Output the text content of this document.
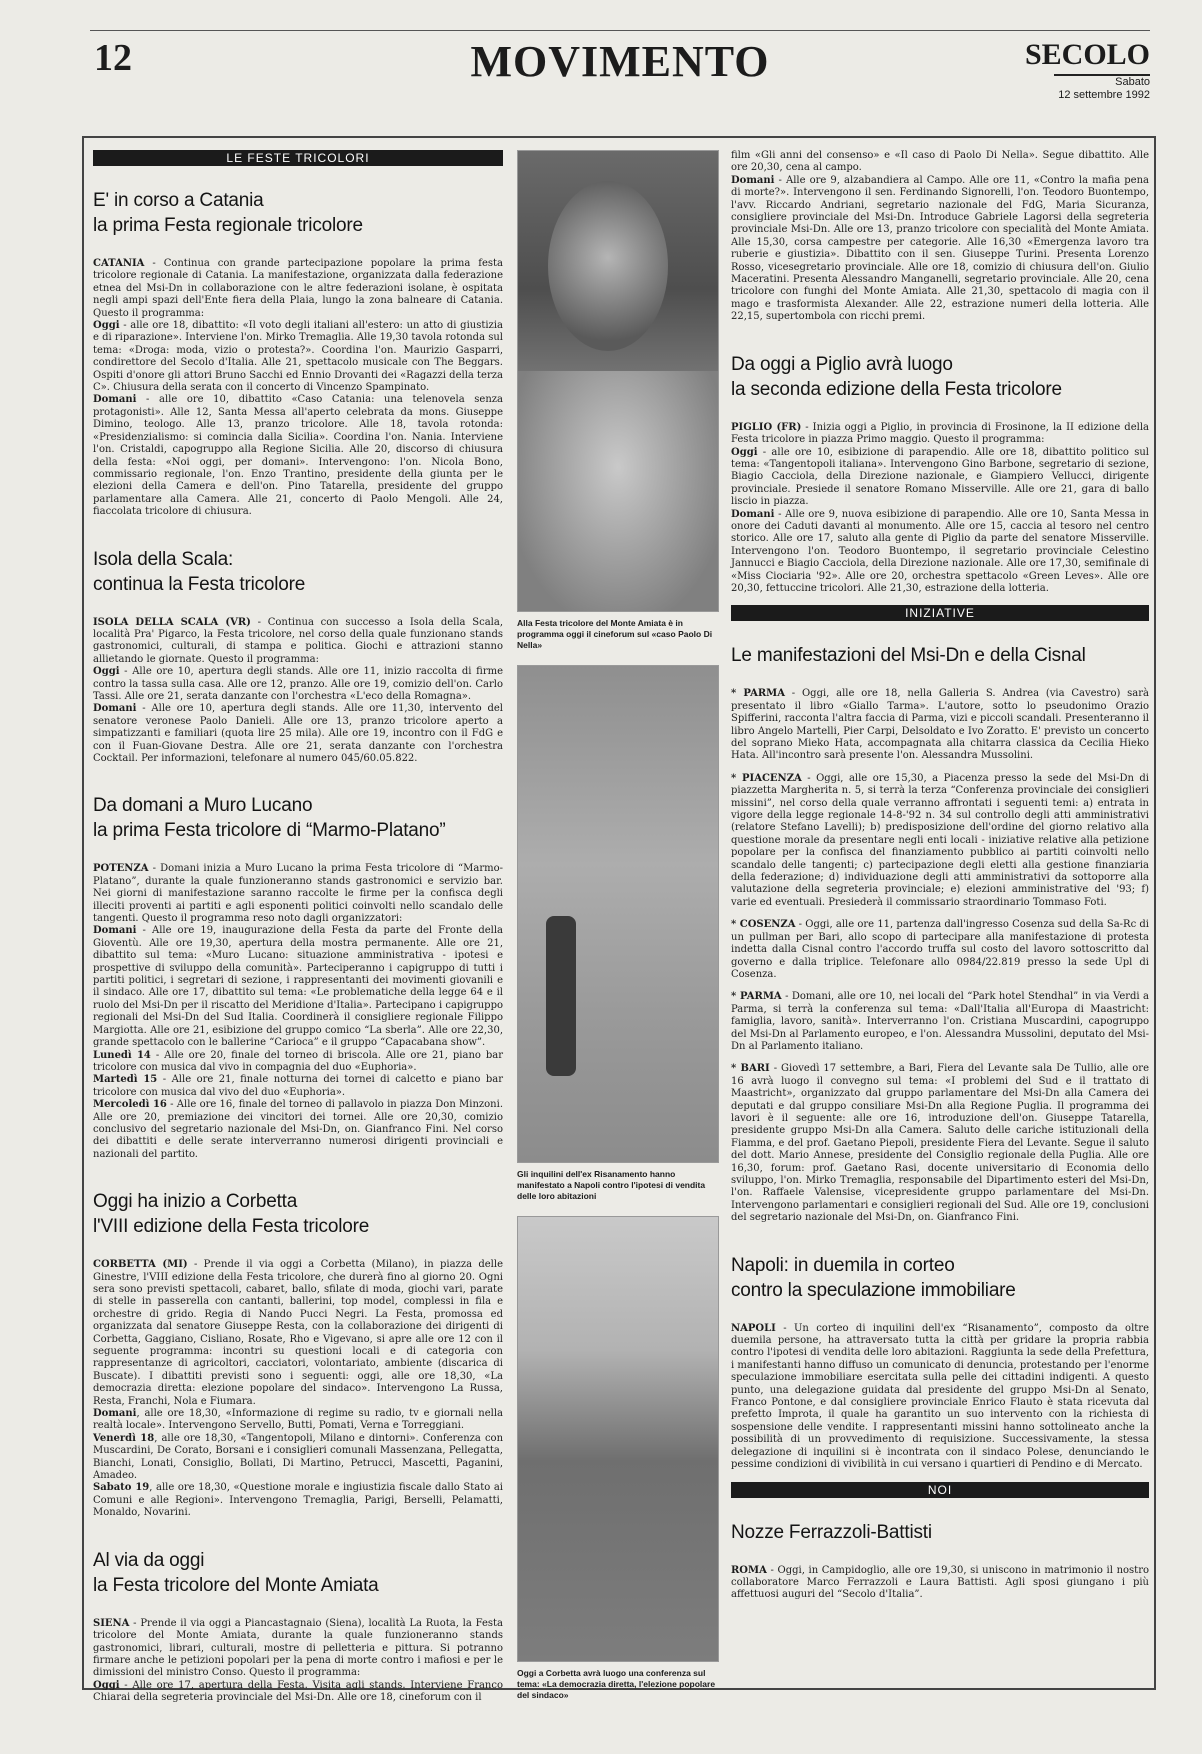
12	MOVIMENTO	SECOLO
Sabato
12 settembre 1992
LE FESTE TRICOLORI
E' in corso a Catania
la prima Festa regionale tricolore

CATANIA - Continua con grande partecipazione popolare la prima festa tricolore regionale di Catania. La manifestazione, organizzata dalla federazione etnea del Msi-Dn in collaborazione con le altre federazioni isolane, è ospitata negli ampi spazi dell'Ente fiera della Plaia, lungo la zona balneare di Catania. Questo il programma:

Oggi - alle ore 18, dibattito: «Il voto degli italiani all'estero: un atto di giustizia e di riparazione». Interviene l'on. Mirko Tremaglia. Alle 19,30 tavola rotonda sul tema: «Droga: moda, vizio o protesta?». Coordina l'on. Maurizio Gasparri, condirettore del Secolo d'Italia. Alle 21, spettacolo musicale con The Beggars. Ospiti d'onore gli attori Bruno Sacchi ed Ennio Drovanti dei «Ragazzi della terza C». Chiusura della serata con il concerto di Vincenzo Spampinato.

Domani - alle ore 10, dibattito «Caso Catania: una telenovela senza protagonisti». Alle 12, Santa Messa all'aperto celebrata da mons. Giuseppe Dimino, teologo. Alle 13, pranzo tricolore. Alle 18, tavola rotonda: «Presidenzialismo: si comincia dalla Sicilia». Coordina l'on. Nania. Interviene l'on. Cristaldi, capogruppo alla Regione Sicilia. Alle 20, discorso di chiusura della festa: «Noi oggi, per domani». Intervengono: l'on. Nicola Bono, commissario regionale, l'on. Enzo Trantino, presidente della giunta per le elezioni della Camera e dell'on. Pino Tatarella, presidente del gruppo parlamentare alla Camera. Alle 21, concerto di Paolo Mengoli. Alle 24, fiaccolata tricolore di chiusura.

Isola della Scala:
continua la Festa tricolore

ISOLA DELLA SCALA (VR) - Continua con successo a Isola della Scala, località Pra' Pigarco, la Festa tricolore, nel corso della quale funzionano stands gastronomici, culturali, di stampa e politica. Giochi e attrazioni stanno allietando le giornate. Questo il programma:

Oggi - Alle ore 10, apertura degli stands. Alle ore 11, inizio raccolta di firme contro la tassa sulla casa. Alle ore 12, pranzo. Alle ore 19, comizio dell'on. Carlo Tassi. Alle ore 21, serata danzante con l'orchestra «L'eco della Romagna».

Domani - Alle ore 10, apertura degli stands. Alle ore 11,30, intervento del senatore veronese Paolo Danieli. Alle ore 13, pranzo tricolore aperto a simpatizzanti e familiari (quota lire 25 mila). Alle ore 19, incontro con il FdG e con il Fuan-Giovane Destra. Alle ore 21, serata danzante con l'orchestra Cocktail. Per informazioni, telefonare al numero 045/60.05.822.

Da domani a Muro Lucano
la prima Festa tricolore di “Marmo-Platano”

POTENZA - Domani inizia a Muro Lucano la prima Festa tricolore di “Marmo-Platano”, durante la quale funzioneranno stands gastronomici e servizio bar. Nei giorni di manifestazione saranno raccolte le firme per la confisca degli illeciti proventi ai partiti e agli esponenti politici coinvolti nello scandalo delle tangenti. Questo il programma reso noto dagli organizzatori:

Domani - Alle ore 19, inaugurazione della Festa da parte del Fronte della Gioventù. Alle ore 19,30, apertura della mostra permanente. Alle ore 21, dibattito sul tema: «Muro Lucano: situazione amministrativa - ipotesi e prospettive di sviluppo della comunità». Parteciperanno i capigruppo di tutti i partiti politici, i segretari di sezione, i rappresentanti dei movimenti giovanili e il sindaco. Alle ore 17, dibattito sul tema: «Le problematiche della legge 64 e il ruolo del Msi-Dn per il riscatto del Meridione d'Italia». Partecipano i capigruppo regionali del Msi-Dn del Sud Italia. Coordinerà il consigliere regionale Filippo Margiotta. Alle ore 21, esibizione del gruppo comico “La sberla”. Alle ore 22,30, grande spettacolo con le ballerine “Carioca” e il gruppo “Capacabana show”.

Lunedì 14 - Alle ore 20, finale del torneo di briscola. Alle ore 21, piano bar tricolore con musica dal vivo in compagnia del duo «Euphoria».

Martedì 15 - Alle ore 21, finale notturna dei tornei di calcetto e piano bar tricolore con musica dal vivo del duo «Euphoria».

Mercoledì 16 - Alle ore 16, finale del torneo di pallavolo in piazza Don Minzoni. Alle ore 20, premiazione dei vincitori dei tornei. Alle ore 20,30, comizio conclusivo del segretario nazionale del Msi-Dn, on. Gianfranco Fini. Nel corso dei dibattiti e delle serate interverranno numerosi dirigenti provinciali e nazionali del partito.

Oggi ha inizio a Corbetta
l'VIII edizione della Festa tricolore

CORBETTA (MI) - Prende il via oggi a Corbetta (Milano), in piazza delle Ginestre, l'VIII edizione della Festa tricolore, che durerà fino al giorno 20. Ogni sera sono previsti spettacoli, cabaret, ballo, sfilate di moda, giochi vari, parate di stelle in passerella con cantanti, ballerini, top model, complessi in fila e orchestre di grido. Regia di Nando Pucci Negri. La Festa, promossa ed organizzata dal senatore Giuseppe Resta, con la collaborazione dei dirigenti di Corbetta, Gaggiano, Cisliano, Rosate, Rho e Vigevano, si apre alle ore 12 con il seguente programma: incontri su questioni locali e di categoria con rappresentanze di agricoltori, cacciatori, volontariato, ambiente (discarica di Buscate). I dibattiti previsti sono i seguenti: oggi, alle ore 18,30, «La democrazia diretta: elezione popolare del sindaco». Intervengono La Russa, Resta, Franchi, Nola e Fiumara.

Domani, alle ore 18,30, «Informazione di regime su radio, tv e giornali nella realtà locale». Intervengono Servello, Butti, Pomati, Verna e Torreggiani.

Venerdì 18, alle ore 18,30, «Tangentopoli, Milano e dintorni». Conferenza con Muscardini, De Corato, Borsani e i consiglieri comunali Massenzana, Pellegatta, Bianchi, Lonati, Consiglio, Bollati, Di Martino, Petrucci, Mascetti, Paganini, Amadeo.

Sabato 19, alle ore 18,30, «Questione morale e ingiustizia fiscale dallo Stato ai Comuni e alle Regioni». Intervengono Tremaglia, Parigi, Berselli, Pelamatti, Monaldo, Novarini.

Al via da oggi
la Festa tricolore del Monte Amiata

SIENA - Prende il via oggi a Piancastagnaio (Siena), località La Ruota, la Festa tricolore del Monte Amiata, durante la quale funzioneranno stands gastronomici, librari, culturali, mostre di pelletteria e pittura. Si potranno firmare anche le petizioni popolari per la pena di morte contro i mafiosi e per le dimissioni del ministro Conso. Questo il programma:

Oggi - Alle ore 17, apertura della Festa. Visita agli stands. Interviene Franco Chiarai della segreteria provinciale del Msi-Dn. Alle ore 18, cineforum con il

Alla Festa tricolore del Monte Amiata è in programma oggi il cineforum sul «caso Paolo Di Nella»
Gli inquilini dell'ex Risanamento hanno manifestato a Napoli contro l'ipotesi di vendita delle loro abitazioni
Oggi a Corbetta avrà luogo una conferenza sul tema: «La democrazia diretta, l'elezione popolare del sindaco»

film «Gli anni del consenso» e «Il caso di Paolo Di Nella». Segue dibattito. Alle ore 20,30, cena al campo.

Domani - Alle ore 9, alzabandiera al Campo. Alle ore 11, «Contro la mafia pena di morte?». Intervengono il sen. Ferdinando Signorelli, l'on. Teodoro Buontempo, l'avv. Riccardo Andriani, segretario nazionale del FdG, Maria Sicuranza, consigliere provinciale del Msi-Dn. Introduce Gabriele Lagorsi della segreteria provinciale Msi-Dn. Alle ore 13, pranzo tricolore con specialità del Monte Amiata. Alle 15,30, corsa campestre per categorie. Alle 16,30 «Emergenza lavoro tra ruberie e giustizia». Dibattito con il sen. Giuseppe Turini. Presenta Lorenzo Rosso, vicesegretario provinciale. Alle ore 18, comizio di chiusura dell'on. Giulio Maceratini. Presenta Alessandro Manganelli, segretario provinciale. Alle 20, cena tricolore con funghi del Monte Amiata. Alle 21,30, spettacolo di magia con il mago e trasformista Alexander. Alle 22, estrazione numeri della lotteria. Alle 22,15, supertombola con ricchi premi.

Da oggi a Piglio avrà luogo
la seconda edizione della Festa tricolore

PIGLIO (FR) - Inizia oggi a Piglio, in provincia di Frosinone, la II edizione della Festa tricolore in piazza Primo maggio. Questo il programma:

Oggi - alle ore 10, esibizione di parapendio. Alle ore 18, dibattito politico sul tema: «Tangentopoli italiana». Intervengono Gino Barbone, segretario di sezione, Biagio Cacciola, della Direzione nazionale, e Giampiero Vellucci, dirigente provinciale. Presiede il senatore Romano Misserville. Alle ore 21, gara di ballo liscio in piazza.

Domani - Alle ore 9, nuova esibizione di parapendio. Alle ore 10, Santa Messa in onore dei Caduti davanti al monumento. Alle ore 15, caccia al tesoro nel centro storico. Alle ore 17, saluto alla gente di Piglio da parte del senatore Misserville. Intervengono l'on. Teodoro Buontempo, il segretario provinciale Celestino Jannucci e Biagio Cacciola, della Direzione nazionale. Alle ore 17,30, semifinale di «Miss Ciociaria '92». Alle ore 20, orchestra spettacolo «Green Leves». Alle ore 20,30, fettuccine tricolori. Alle 21,30, estrazione della lotteria.

INIZIATIVE
Le manifestazioni del Msi-Dn e della Cisnal

* PARMA - Oggi, alle ore 18, nella Galleria S. Andrea (via Cavestro) sarà presentato il libro «Giallo Tarma». L'autore, sotto lo pseudonimo Orazio Spifferini, racconta l'altra faccia di Parma, vizi e piccoli scandali. Presenteranno il libro Angelo Martelli, Pier Carpi, Delsoldato e Ivo Zoratto. E' previsto un concerto del soprano Mieko Hata, accompagnata alla chitarra classica da Cecilia Hieko Hata. All'incontro sarà presente l'on. Alessandra Mussolini.

* PIACENZA - Oggi, alle ore 15,30, a Piacenza presso la sede del Msi-Dn di piazzetta Margherita n. 5, si terrà la terza “Conferenza provinciale dei consiglieri missini”, nel corso della quale verranno affrontati i seguenti temi: a) entrata in vigore della legge regionale 14-8-'92 n. 34 sul controllo degli atti amministrativi (relatore Stefano Lavelli); b) predisposizione dell'ordine del giorno relativo alla questione morale da presentare negli enti locali - iniziative relative alla petizione popolare per la confisca del finanziamento pubblico ai partiti coinvolti nello scandalo delle tangenti; c) partecipazione degli eletti alla gestione finanziaria della federazione; d) individuazione degli atti amministrativi da sottoporre alla valutazione della segreteria provinciale; e) elezioni amministrative del '93; f) varie ed eventuali. Presiederà il commissario straordinario Tommaso Foti.

* COSENZA - Oggi, alle ore 11, partenza dall'ingresso Cosenza sud della Sa-Rc di un pullman per Bari, allo scopo di partecipare alla manifestazione di protesta indetta dalla Cisnal contro l'accordo truffa sul costo del lavoro sottoscritto dal governo e dalla triplice. Telefonare allo 0984/22.819 presso la sede Upl di Cosenza.

* PARMA - Domani, alle ore 10, nei locali del “Park hotel Stendhal” in via Verdi a Parma, si terrà la conferenza sul tema: «Dall'Italia all'Europa di Maastricht: famiglia, lavoro, sanità». Interverranno l'on. Cristiana Muscardini, capogruppo del Msi-Dn al Parlamento europeo, e l'on. Alessandra Mussolini, deputato del Msi-Dn al Parlamento italiano.

* BARI - Giovedì 17 settembre, a Bari, Fiera del Levante sala De Tullio, alle ore 16 avrà luogo il convegno sul tema: «I problemi del Sud e il trattato di Maastricht», organizzato dal gruppo parlamentare del Msi-Dn alla Camera dei deputati e dal gruppo consiliare Msi-Dn alla Regione Puglia. Il programma dei lavori è il seguente: alle ore 16, introduzione dell'on. Giuseppe Tatarella, presidente gruppo Msi-Dn alla Camera. Saluto delle cariche istituzionali della Fiamma, e del prof. Gaetano Piepoli, presidente Fiera del Levante. Segue il saluto del dott. Mario Annese, presidente del Consiglio regionale della Puglia. Alle ore 16,30, forum: prof. Gaetano Rasi, docente universitario di Economia dello sviluppo, l'on. Mirko Tremaglia, responsabile del Dipartimento esteri del Msi-Dn, l'on. Raffaele Valensise, vicepresidente gruppo parlamentare del Msi-Dn. Intervengono parlamentari e consiglieri regionali del Sud. Alle ore 19, conclusioni del segretario nazionale del Msi-Dn, on. Gianfranco Fini.

Napoli: in duemila in corteo
contro la speculazione immobiliare

NAPOLI - Un corteo di inquilini dell'ex “Risanamento”, composto da oltre duemila persone, ha attraversato tutta la città per gridare la propria rabbia contro l'ipotesi di vendita delle loro abitazioni. Raggiunta la sede della Prefettura, i manifestanti hanno diffuso un comunicato di denuncia, protestando per l'enorme speculazione immobiliare esercitata sulla pelle dei cittadini indigenti. A questo punto, una delegazione guidata dal presidente del gruppo Msi-Dn al Senato, Franco Pontone, e dal consigliere provinciale Enrico Flauto è stata ricevuta dal prefetto Improta, il quale ha garantito un suo intervento con la richiesta di sospensione delle vendite. I rappresentanti missini hanno sottolineato anche la possibilità di un provvedimento di requisizione. Successivamente, la stessa delegazione di inquilini si è incontrata con il sindaco Polese, denunciando le pessime condizioni di vivibilità in cui versano i quartieri di Pendino e di Mercato.

NOI
Nozze Ferrazzoli-Battisti

ROMA - Oggi, in Campidoglio, alle ore 19,30, si uniscono in matrimonio il nostro collaboratore Marco Ferrazzoli e Laura Battisti. Agli sposi giungano i più affettuosi auguri del “Secolo d'Italia”.
